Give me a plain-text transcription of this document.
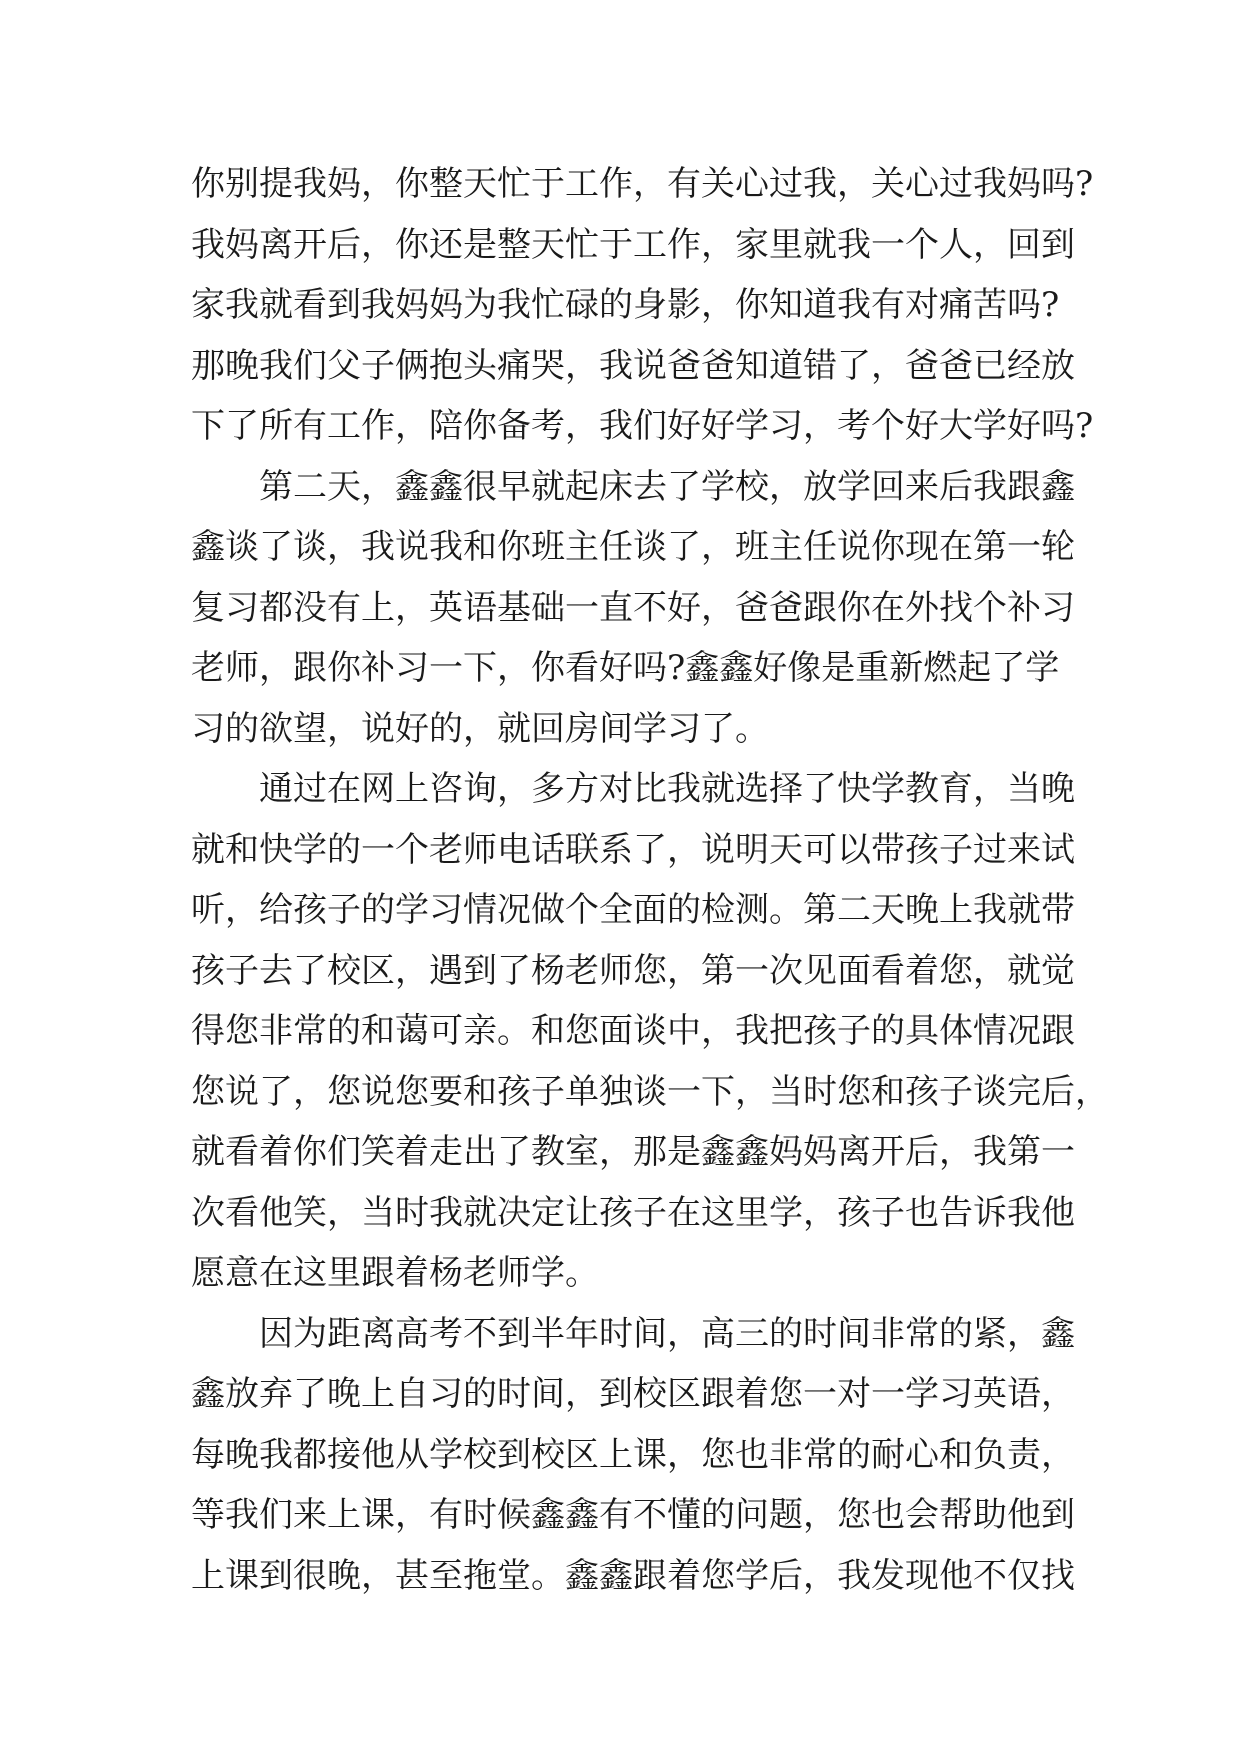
你别提我妈，你整天忙于工作，有关心过我，关心过我妈吗?
我妈离开后，你还是整天忙于工作，家里就我一个人，回到
家我就看到我妈妈为我忙碌的身影，你知道我有对痛苦吗?
那晚我们父子俩抱头痛哭，我说爸爸知道错了，爸爸已经放
下了所有工作，陪你备考，我们好好学习，考个好大学好吗?
第二天，鑫鑫很早就起床去了学校，放学回来后我跟鑫
鑫谈了谈，我说我和你班主任谈了，班主任说你现在第一轮
复习都没有上，英语基础一直不好，爸爸跟你在外找个补习
老师，跟你补习一下，你看好吗?鑫鑫好像是重新燃起了学
习的欲望，说好的，就回房间学习了。
通过在网上咨询，多方对比我就选择了快学教育，当晚
就和快学的一个老师电话联系了，说明天可以带孩子过来试
听，给孩子的学习情况做个全面的检测。第二天晚上我就带
孩子去了校区，遇到了杨老师您，第一次见面看着您，就觉
得您非常的和蔼可亲。和您面谈中，我把孩子的具体情况跟
您说了，您说您要和孩子单独谈一下，当时您和孩子谈完后，
就看着你们笑着走出了教室，那是鑫鑫妈妈离开后，我第一
次看他笑，当时我就决定让孩子在这里学，孩子也告诉我他
愿意在这里跟着杨老师学。
因为距离高考不到半年时间，高三的时间非常的紧，鑫
鑫放弃了晚上自习的时间，到校区跟着您一对一学习英语，
每晚我都接他从学校到校区上课，您也非常的耐心和负责，
等我们来上课，有时候鑫鑫有不懂的问题，您也会帮助他到
上课到很晚，甚至拖堂。鑫鑫跟着您学后，我发现他不仅找
